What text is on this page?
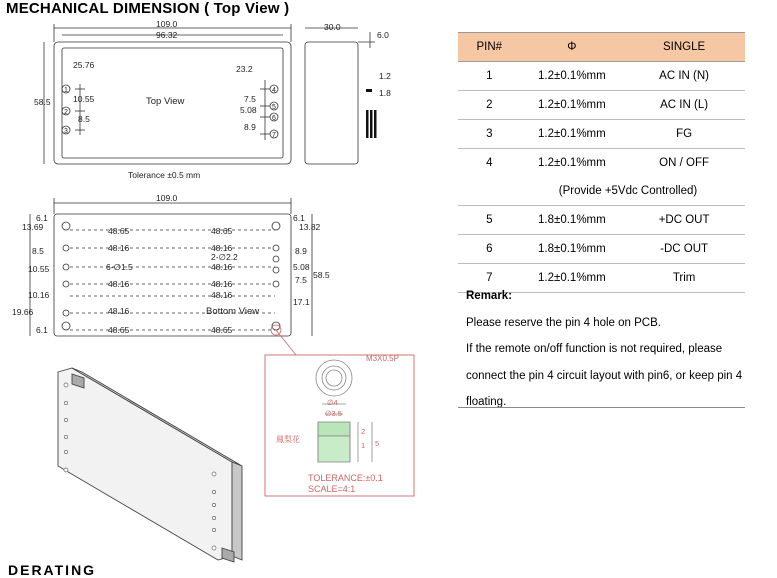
MECHANICAL DIMENSION ( Top View )
109.0
96.32
58.5
25.76
10.55
8.5
23.2
7.5
5.08
8.9
Top View
Tolerance ±0.5 mm
30.0
6.0
1.2
1.8
1
2
3
4
5
6
7
109.0
Bottom View
6.1
13.69
8.5
10.55
10.16
19.66
6.1
6.1
13.82
8.9
5.08
7.5 58.5
17.1
48.65
48.16
6-∅1.5
48.16
48.16
48.65
48.65
48.16
2-∅2.2
48.16
48.16
48.16
48.65
M3X0.5P
∅4
∅3.5
2
5
1
鳳梨花
TOLERANCE:±0.1
SCALE=4:1
PIN#	Φ	SINGLE
1	1.2±0.1%mm	AC IN (N)
2	1.2±0.1%mm	AC IN (L)
3	1.2±0.1%mm	FG
4	1.2±0.1%mm	ON / OFF
(Provide +5Vdc Controlled)		
5	1.8±0.1%mm	+DC OUT
6	1.8±0.1%mm	-DC OUT
7	1.2±0.1%mm	Trim
Remark:
Please reserve the pin 4 hole on PCB.
If the remote on/off function is not required, please connect the pin 4 circuit layout with pin6, or keep pin 4 floating.
DERATING
